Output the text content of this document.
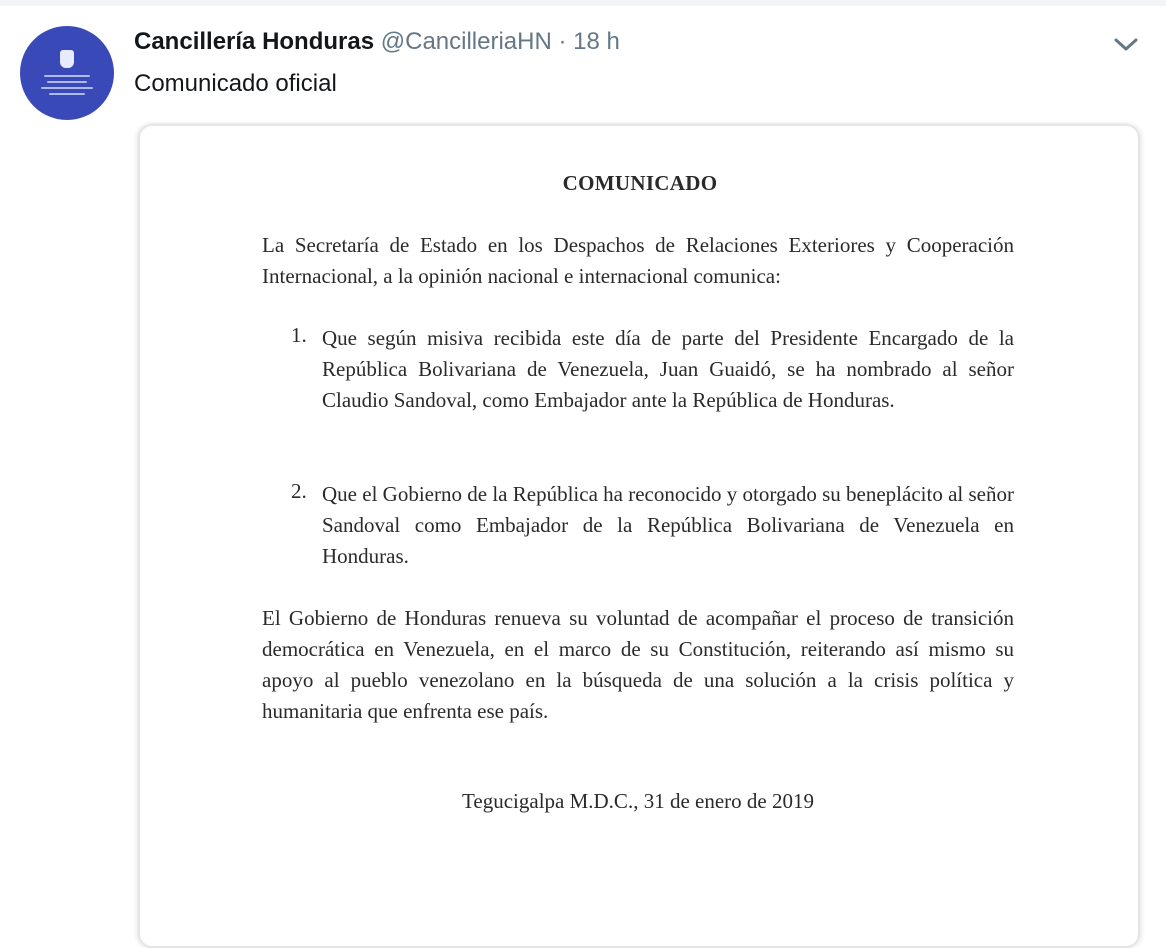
Cancillería Honduras @CancilleriaHN · 18 h
Comunicado oficial
COMUNICADO
La Secretaría de Estado en los Despachos de Relaciones Exteriores y Cooperación Internacional, a la opinión nacional e internacional comunica:
1. Que según misiva recibida este día de parte del Presidente Encargado de la República Bolivariana de Venezuela, Juan Guaidó, se ha nombrado al señor Claudio Sandoval, como Embajador ante la República de Honduras.
2. Que el Gobierno de la República ha reconocido y otorgado su beneplácito al señor Sandoval como Embajador de la República Bolivariana de Venezuela en Honduras.
El Gobierno de Honduras renueva su voluntad de acompañar el proceso de transición democrática en Venezuela, en el marco de su Constitución, reiterando así mismo su apoyo al pueblo venezolano en la búsqueda de una solución a la crisis política y humanitaria que enfrenta ese país.
Tegucigalpa M.D.C., 31 de enero de 2019
